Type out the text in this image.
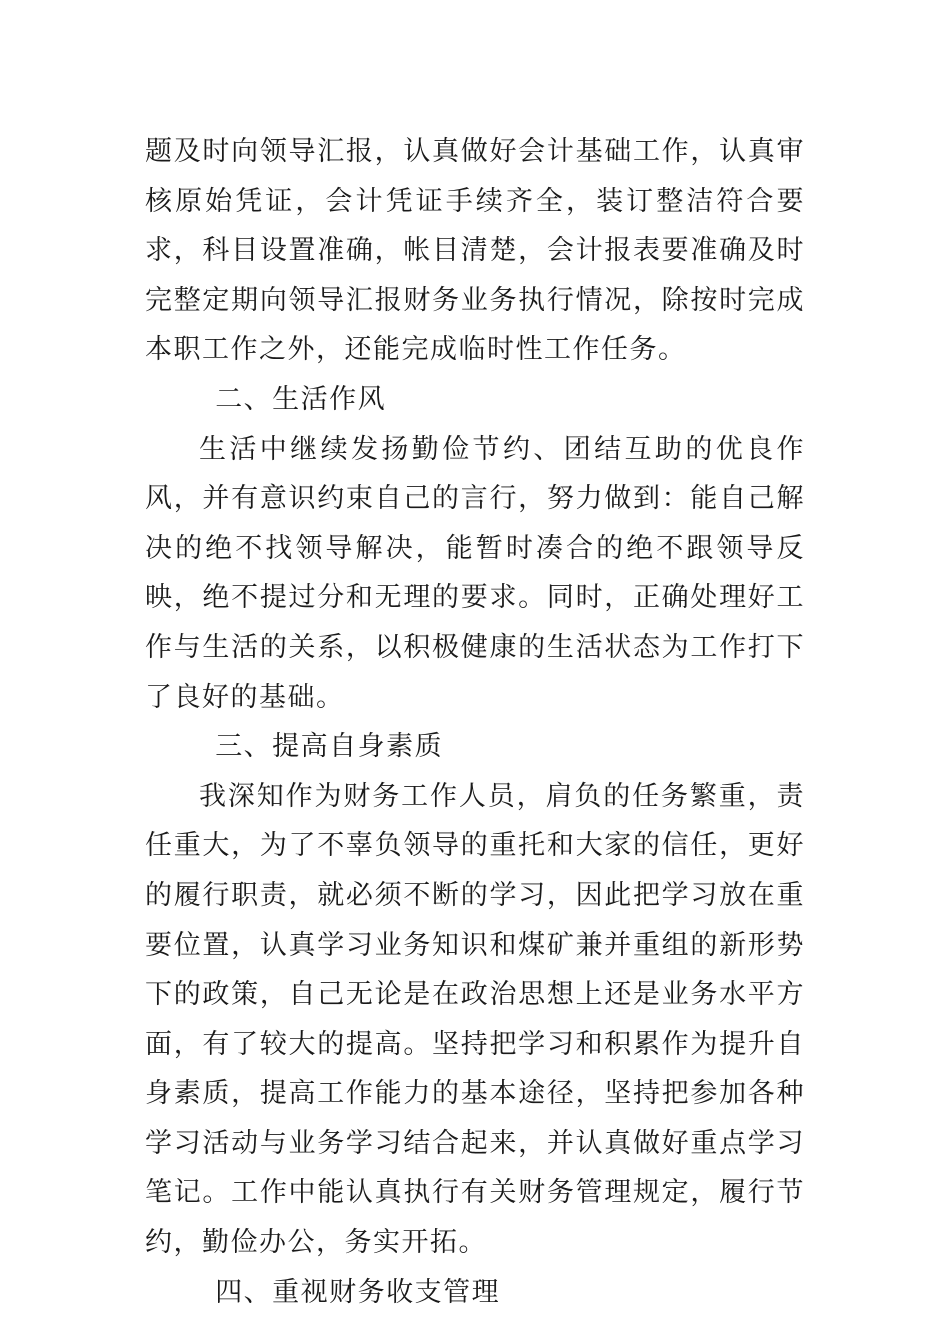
题及时向领导汇报，认真做好会计基础工作，认真审核原始凭证，会计凭证手续齐全，装订整洁符合要求，科目设置准确，帐目清楚，会计报表要准确及时完整定期向领导汇报财务业务执行情况，除按时完成本职工作之外，还能完成临时性工作任务。

二、生活作风

生活中继续发扬勤俭节约、团结互助的优良作风，并有意识约束自己的言行，努力做到：能自己解决的绝不找领导解决，能暂时凑合的绝不跟领导反映，绝不提过分和无理的要求。同时，正确处理好工作与生活的关系，以积极健康的生活状态为工作打下了良好的基础。

三、提高自身素质

我深知作为财务工作人员，肩负的任务繁重，责任重大，为了不辜负领导的重托和大家的信任，更好的履行职责，就必须不断的学习，因此把学习放在重要位置，认真学习业务知识和煤矿兼并重组的新形势下的政策，自己无论是在政治思想上还是业务水平方面，有了较大的提高。坚持把学习和积累作为提升自身素质，提高工作能力的基本途径，坚持把参加各种学习活动与业务学习结合起来，并认真做好重点学习笔记。工作中能认真执行有关财务管理规定，履行节约，勤俭办公，务实开拓。

四、重视财务收支管理
